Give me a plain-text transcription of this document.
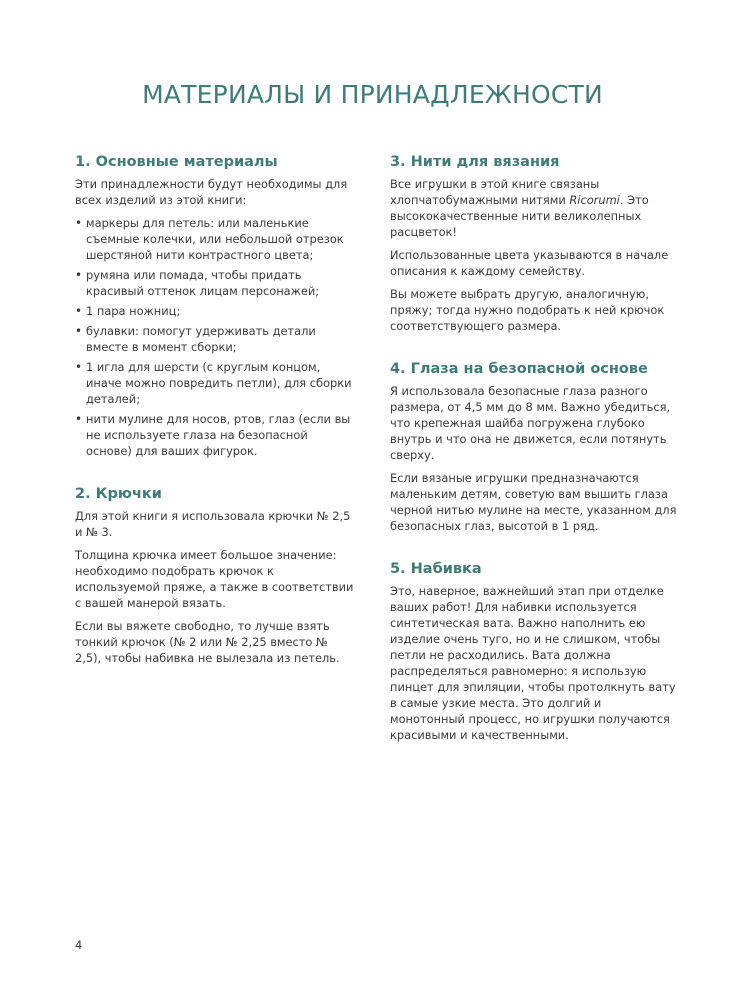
МАТЕРИАЛЫ И ПРИНАДЛЕЖНОСТИ
1. Основные материалы

Эти принадлежности будут необходимы для всех изделий из этой книги:

• маркеры для петель: или маленькие съемные колечки, или небольшой отрезок шерстяной нити контрастного цвета;
• румяна или помада, чтобы придать красивый оттенок лицам персонажей;
• 1 пара ножниц;
• булавки: помогут удерживать детали вместе в момент сборки;
• 1 игла для шерсти (с круглым концом, иначе можно повредить петли), для сборки деталей;
• нити мулине для носов, ртов, глаз (если вы не используете глаза на безопасной основе) для ваших фигурок.
2. Крючки

Для этой книги я использовала крючки № 2,5 и № 3.

Толщина крючка имеет большое значение: необходимо подобрать крючок к используемой пряже, а также в соответствии с вашей манерой вязать.

Если вы вяжете свободно, то лучше взять тонкий крючок (№ 2 или № 2,25 вместо № 2,5), чтобы набивка не вылезала из петель.

3. Нити для вязания

Все игрушки в этой книге связаны хлопчатобумажными нитями Ricorumi. Это высококачественные нити великолепных расцветок!

Использованные цвета указываются в начале описания к каждому семейству.

Вы можете выбрать другую, аналогичную, пряжу; тогда нужно подобрать к ней крючок соответствующего размера.

4. Глаза на безопасной основе

Я использовала безопасные глаза разного размера, от 4,5 мм до 8 мм. Важно убедиться, что крепежная шайба погружена глубоко внутрь и что она не движется, если потянуть сверху.

Если вязаные игрушки предназначаются маленьким детям, советую вам вышить глаза черной нитью мулине на месте, указанном для безопасных глаз, высотой в 1 ряд.

5. Набивка

Это, наверное, важнейший этап при отделке ваших работ! Для набивки используется синтетическая вата. Важно наполнить ею изделие очень туго, но и не слишком, чтобы петли не расходились. Вата должна распределяться равномерно: я использую пинцет для эпиляции, чтобы протолкнуть вату в самые узкие места. Это долгий и монотонный процесс, но игрушки получаются красивыми и качественными.

4
